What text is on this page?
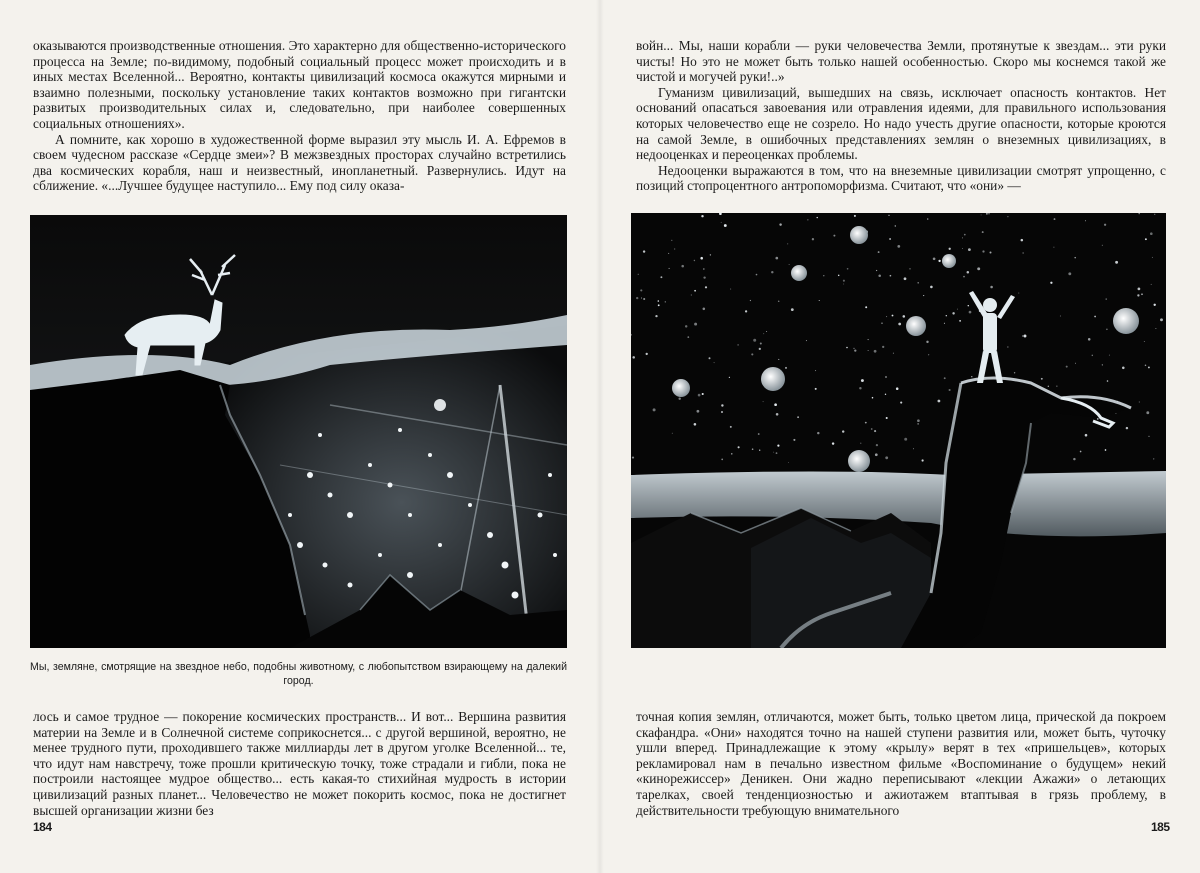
оказываются производственные отношения. Это характерно для общественно-исторического процесса на Земле; по-видимому, подобный социальный процесс может происходить и в иных местах Вселенной... Вероятно, контакты цивилизаций космоса окажутся мирными и взаимно полезными, поскольку установление таких контактов возможно при гигантски развитых производительных силах и, следовательно, при наиболее совершенных социальных отношениях».

А помните, как хорошо в художественной форме выразил эту мысль И. А. Ефремов в своем чудесном рассказе «Сердце змеи»? В межзвездных просторах случайно встретились два космических корабля, наш и неизвестный, инопланетный. Развернулись. Идут на сближение. «...Лучшее будущее наступило... Ему под силу оказа-

Мы, земляне, смотрящие на звездное небо, подобны животному, с любопытством взирающему на далекий город.

лось и самое трудное — покорение космических пространств... И вот... Вершина развития материи на Земле и в Солнечной системе соприкоснется... с другой вершиной, вероятно, не менее трудного пути, проходившего также миллиарды лет в другом уголке Вселенной... те, что идут нам навстречу, тоже прошли критическую точку, тоже страдали и гибли, пока не построили настоящее мудрое общество... есть какая-то стихийная мудрость в истории цивилизаций разных планет... Человечество не может покорить космос, пока не достигнет высшей организации жизни без

184

войн... Мы, наши корабли — руки человечества Земли, протянутые к звездам... эти руки чисты! Но это не может быть только нашей особенностью. Скоро мы коснемся такой же чистой и могучей руки!..»

Гуманизм цивилизаций, вышедших на связь, исключает опасность контактов. Нет оснований опасаться завоевания или отравления идеями, для правильного использования которых человечество еще не созрело. Но надо учесть другие опасности, которые кроются на самой Земле, в ошибочных представлениях землян о внеземных цивилизациях, в недооценках и переоценках проблемы.

Недооценки выражаются в том, что на внеземные цивилизации смотрят упрощенно, с позиций стопроцентного антропоморфизма. Считают, что «они» —

точная копия землян, отличаются, может быть, только цветом лица, прической да покроем скафандра. «Они» находятся точно на нашей ступени развития или, может быть, чуточку ушли вперед. Принадлежащие к этому «крылу» верят в тех «пришельцев», которых рекламировал нам в печально известном фильме «Воспоминание о будущем» некий «кинорежиссер» Деникен. Они жадно переписывают «лекции Ажажи» о летающих тарелках, своей тенденциозностью и ажиотажем втаптывая в грязь проблему, в действительности требующую внимательного

185
